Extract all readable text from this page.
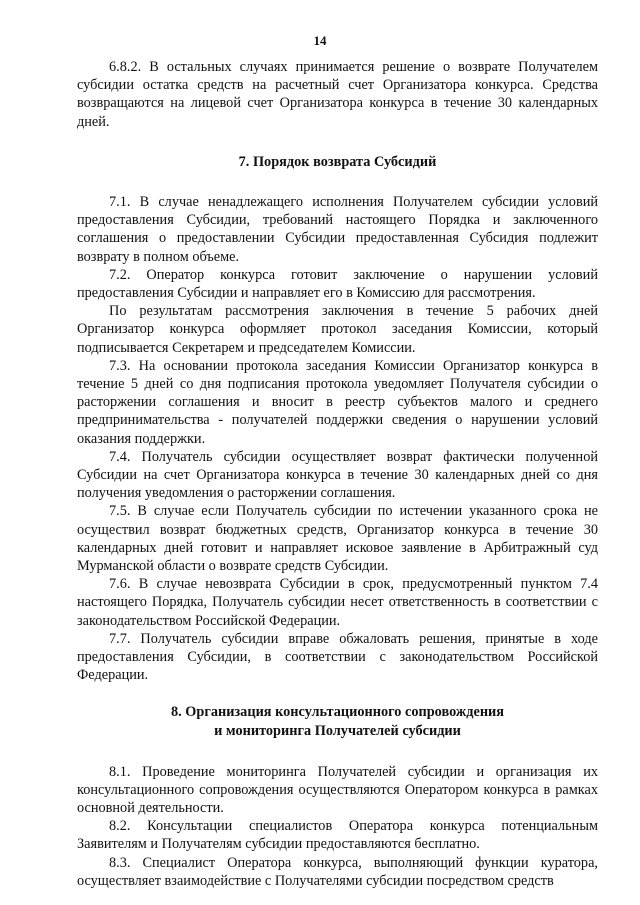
14

6.8.2. В остальных случаях принимается решение о возврате Получателем субсидии остатка средств на расчетный счет Организатора конкурса. Средства возвращаются на лицевой счет Организатора конкурса в течение 30 календарных дней.

7. Порядок возврата Субсидий

7.1. В случае ненадлежащего исполнения Получателем субсидии условий предоставления Субсидии, требований настоящего Порядка и заключенного соглашения о предоставлении Субсидии предоставленная Субсидия подлежит возврату в полном объеме.

7.2. Оператор конкурса готовит заключение о нарушении условий предоставления Субсидии и направляет его в Комиссию для рассмотрения.

По результатам рассмотрения заключения в течение 5 рабочих дней Организатор конкурса оформляет протокол заседания Комиссии, который подписывается Секретарем и председателем Комиссии.

7.3. На основании протокола заседания Комиссии Организатор конкурса в течение 5 дней со дня подписания протокола уведомляет Получателя субсидии о расторжении соглашения и вносит в реестр субъектов малого и среднего предпринимательства - получателей поддержки сведения о нарушении условий оказания поддержки.

7.4. Получатель субсидии осуществляет возврат фактически полученной Субсидии на счет Организатора конкурса в течение 30 календарных дней со дня получения уведомления о расторжении соглашения.

7.5. В случае если Получатель субсидии по истечении указанного срока не осуществил возврат бюджетных средств, Организатор конкурса в течение 30 календарных дней готовит и направляет исковое заявление в Арбитражный суд Мурманской области о возврате средств Субсидии.

7.6. В случае невозврата Субсидии в срок, предусмотренный пунктом 7.4 настоящего Порядка, Получатель субсидии несет ответственность в соответствии с законодательством Российской Федерации.

7.7. Получатель субсидии вправе обжаловать решения, принятые в ходе предоставления Субсидии, в соответствии с законодательством Российской Федерации.

8. Организация консультационного сопровождения
и мониторинга Получателей субсидии

8.1. Проведение мониторинга Получателей субсидии и организация их консультационного сопровождения осуществляются Оператором конкурса в рамках основной деятельности.

8.2. Консультации специалистов Оператора конкурса потенциальным Заявителям и Получателям субсидии предоставляются бесплатно.

8.3. Специалист Оператора конкурса, выполняющий функции куратора, осуществляет взаимодействие с Получателями субсидии посредством средств
